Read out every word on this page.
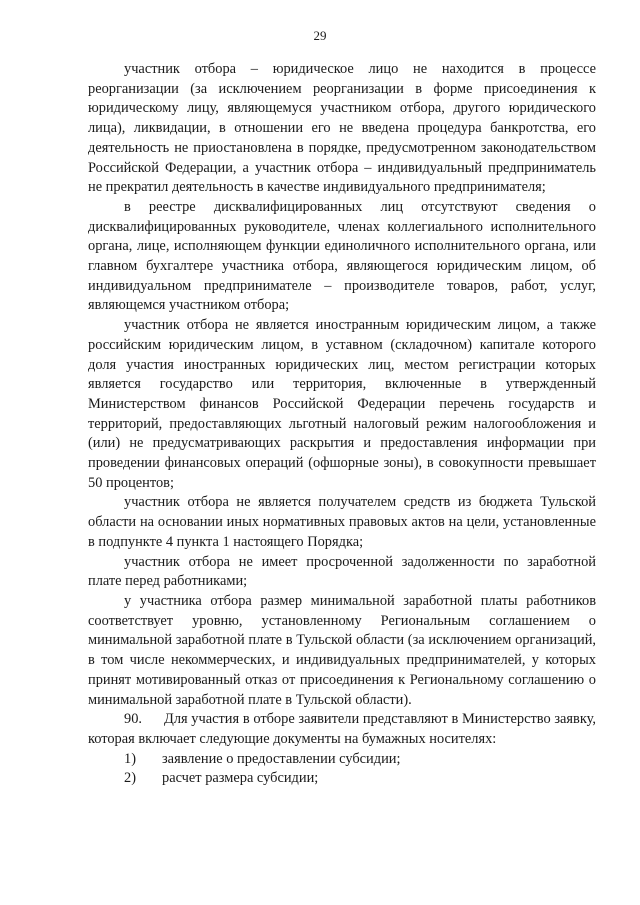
29

участник отбора – юридическое лицо не находится в процессе реорганизации (за исключением реорганизации в форме присоединения к юридическому лицу, являющемуся участником отбора, другого юридического лица), ликвидации, в отношении его не введена процедура банкротства, его деятельность не приостановлена в порядке, предусмотренном законодательством Российской Федерации, а участник отбора – индивидуальный предприниматель не прекратил деятельность в качестве индивидуального предпринимателя;

в реестре дисквалифицированных лиц отсутствуют сведения о дисквалифицированных руководителе, членах коллегиального исполнительного органа, лице, исполняющем функции единоличного исполнительного органа, или главном бухгалтере участника отбора, являющегося юридическим лицом, об индивидуальном предпринимателе – производителе товаров, работ, услуг, являющемся участником отбора;

участник отбора не является иностранным юридическим лицом, а также российским юридическим лицом, в уставном (складочном) капитале которого доля участия иностранных юридических лиц, местом регистрации которых является государство или территория, включенные в утвержденный Министерством финансов Российской Федерации перечень государств и территорий, предоставляющих льготный налоговый режим налогообложения и (или) не предусматривающих раскрытия и предоставления информации при проведении финансовых операций (офшорные зоны), в совокупности превышает 50 процентов;

участник отбора не является получателем средств из бюджета Тульской области на основании иных нормативных правовых актов на цели, установленные в подпункте 4 пункта 1 настоящего Порядка;

участник отбора не имеет просроченной задолженности по заработной плате перед работниками;

у участника отбора размер минимальной заработной платы работников соответствует уровню, установленному Региональным соглашением о минимальной заработной плате в Тульской области (за исключением организаций, в том числе некоммерческих, и индивидуальных предпринимателей, у которых принят мотивированный отказ от присоединения к Региональному соглашению о минимальной заработной плате в Тульской области).

90. Для участия в отборе заявители представляют в Министерство заявку, которая включает следующие документы на бумажных носителях:

1) заявление о предоставлении субсидии;

2) расчет размера субсидии;
